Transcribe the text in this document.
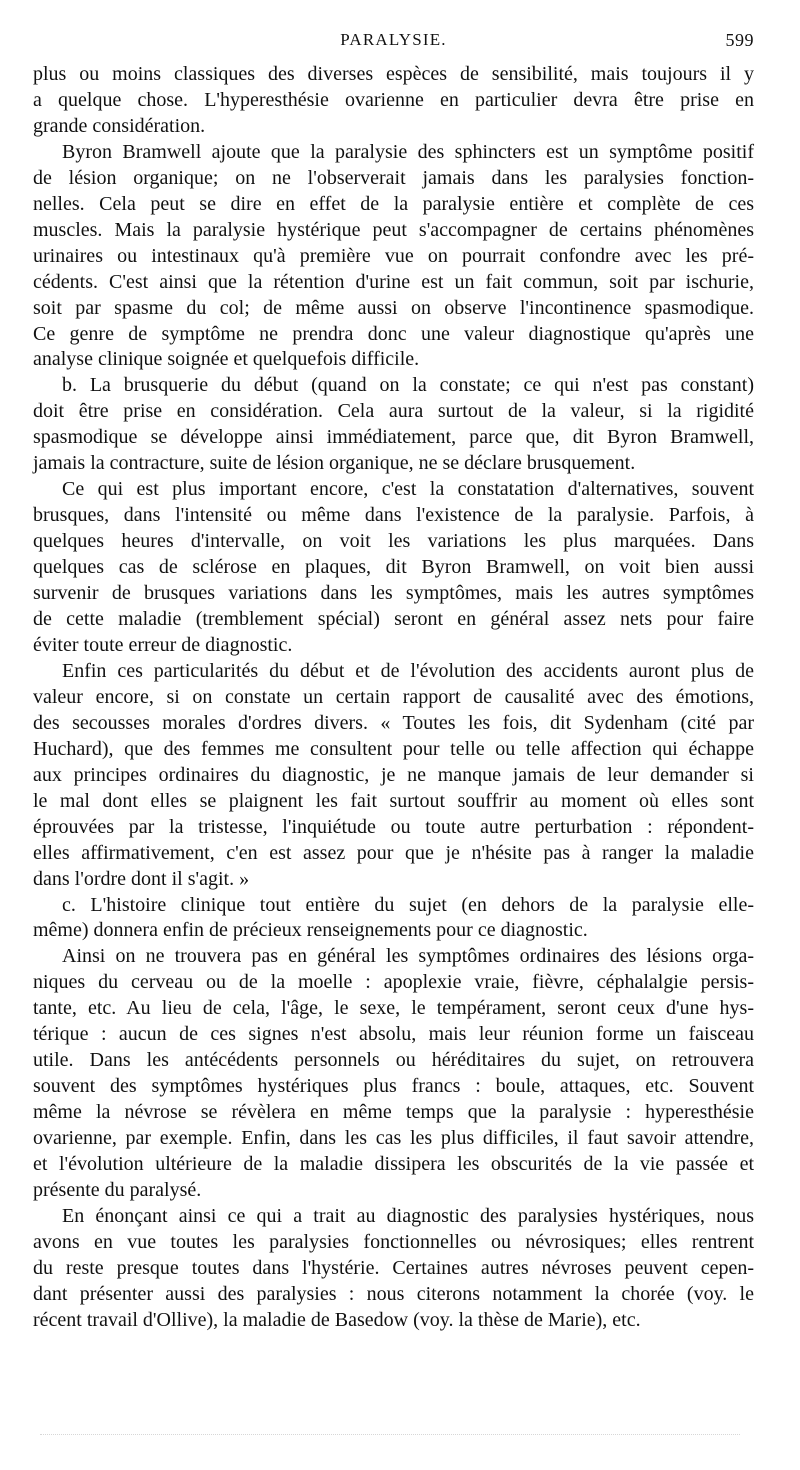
PARALYSIE.	599
plus ou moins classiques des diverses espèces de sensibilité, mais toujours il y
a quelque chose. L'hyperesthésie ovarienne en particulier devra être prise en
grande considération.
Byron Bramwell ajoute que la paralysie des sphincters est un symptôme positif
de lésion organique; on ne l'observerait jamais dans les paralysies fonction-
nelles. Cela peut se dire en effet de la paralysie entière et complète de ces
muscles. Mais la paralysie hystérique peut s'accompagner de certains phénomènes
urinaires ou intestinaux qu'à première vue on pourrait confondre avec les pré-
cédents. C'est ainsi que la rétention d'urine est un fait commun, soit par ischurie,
soit par spasme du col; de même aussi on observe l'incontinence spasmodique.
Ce genre de symptôme ne prendra donc une valeur diagnostique qu'après une
analyse clinique soignée et quelquefois difficile.
b. La brusquerie du début (quand on la constate; ce qui n'est pas constant)
doit être prise en considération. Cela aura surtout de la valeur, si la rigidité
spasmodique se développe ainsi immédiatement, parce que, dit Byron Bramwell,
jamais la contracture, suite de lésion organique, ne se déclare brusquement.
Ce qui est plus important encore, c'est la constatation d'alternatives, souvent
brusques, dans l'intensité ou même dans l'existence de la paralysie. Parfois, à
quelques heures d'intervalle, on voit les variations les plus marquées. Dans
quelques cas de sclérose en plaques, dit Byron Bramwell, on voit bien aussi
survenir de brusques variations dans les symptômes, mais les autres symptômes
de cette maladie (tremblement spécial) seront en général assez nets pour faire
éviter toute erreur de diagnostic.
Enfin ces particularités du début et de l'évolution des accidents auront plus de
valeur encore, si on constate un certain rapport de causalité avec des émotions,
des secousses morales d'ordres divers. « Toutes les fois, dit Sydenham (cité par
Huchard), que des femmes me consultent pour telle ou telle affection qui échappe
aux principes ordinaires du diagnostic, je ne manque jamais de leur demander si
le mal dont elles se plaignent les fait surtout souffrir au moment où elles sont
éprouvées par la tristesse, l'inquiétude ou toute autre perturbation : répondent-
elles affirmativement, c'en est assez pour que je n'hésite pas à ranger la maladie
dans l'ordre dont il s'agit. »
c. L'histoire clinique tout entière du sujet (en dehors de la paralysie elle-
même) donnera enfin de précieux renseignements pour ce diagnostic.
Ainsi on ne trouvera pas en général les symptômes ordinaires des lésions orga-
niques du cerveau ou de la moelle : apoplexie vraie, fièvre, céphalalgie persis-
tante, etc. Au lieu de cela, l'âge, le sexe, le tempérament, seront ceux d'une hys-
térique : aucun de ces signes n'est absolu, mais leur réunion forme un faisceau
utile. Dans les antécédents personnels ou héréditaires du sujet, on retrouvera
souvent des symptômes hystériques plus francs : boule, attaques, etc. Souvent
même la névrose se révèlera en même temps que la paralysie : hyperesthésie
ovarienne, par exemple. Enfin, dans les cas les plus difficiles, il faut savoir attendre,
et l'évolution ultérieure de la maladie dissipera les obscurités de la vie passée et
présente du paralysé.
En énonçant ainsi ce qui a trait au diagnostic des paralysies hystériques, nous
avons en vue toutes les paralysies fonctionnelles ou névrosiques; elles rentrent
du reste presque toutes dans l'hystérie. Certaines autres névroses peuvent cepen-
dant présenter aussi des paralysies : nous citerons notamment la chorée (voy. le
récent travail d'Ollive), la maladie de Basedow (voy. la thèse de Marie), etc.
